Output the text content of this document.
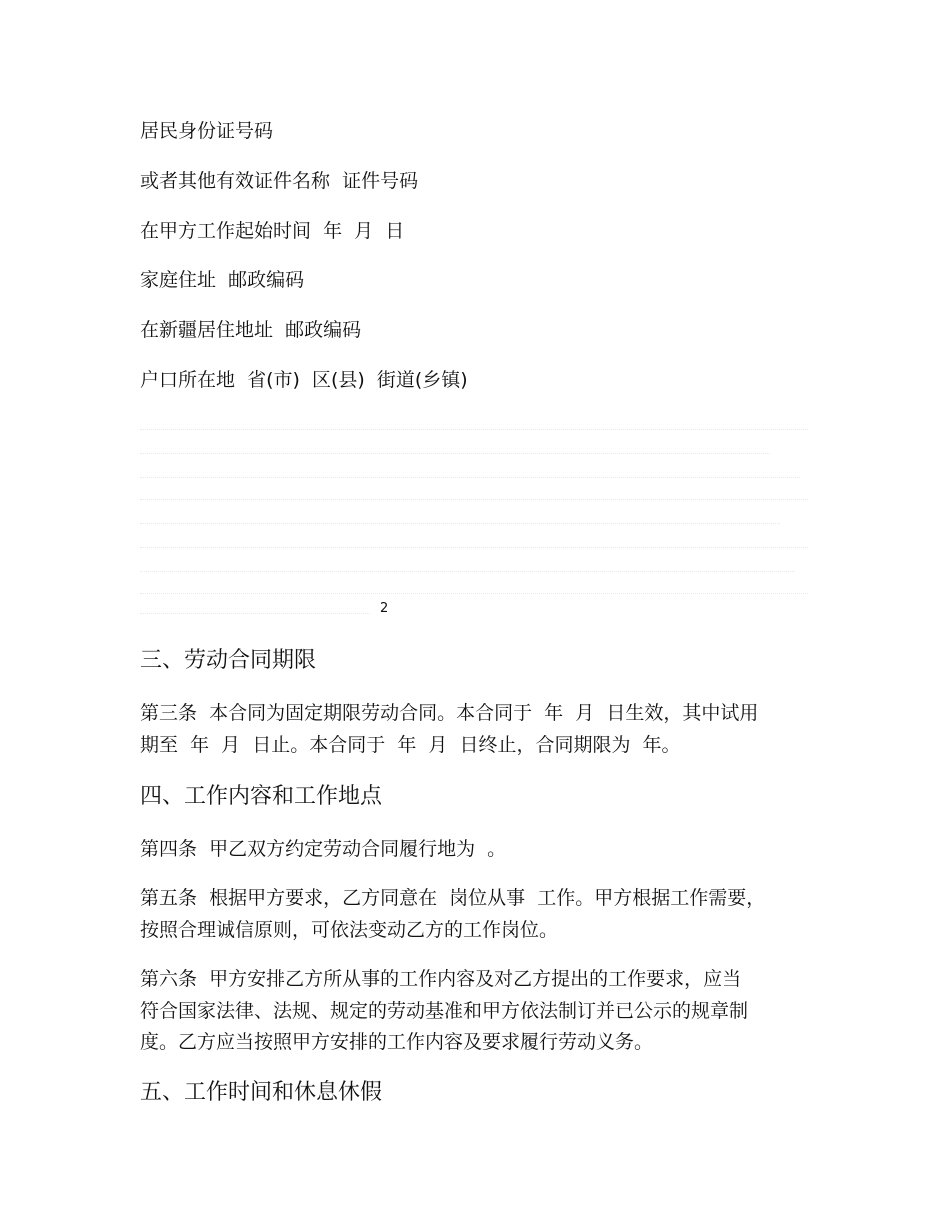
居民身份证号码
或者其他有效证件名称  证件号码
在甲方工作起始时间  年  月  日
家庭住址  邮政编码
在新疆居住地址  邮政编码
户口所在地  省(市)  区(县)  街道(乡镇)
2
三、劳动合同期限
第三条  本合同为固定期限劳动合同。本合同于  年  月  日生效，其中试用
期至  年  月  日止。本合同于  年  月  日终止，合同期限为  年。
四、工作内容和工作地点
第四条  甲乙双方约定劳动合同履行地为  。
第五条  根据甲方要求，乙方同意在  岗位从事  工作。甲方根据工作需要，
按照合理诚信原则，可依法变动乙方的工作岗位。
第六条  甲方安排乙方所从事的工作内容及对乙方提出的工作要求，应当
符合国家法律、法规、规定的劳动基准和甲方依法制订并已公示的规章制
度。乙方应当按照甲方安排的工作内容及要求履行劳动义务。
五、工作时间和休息休假
